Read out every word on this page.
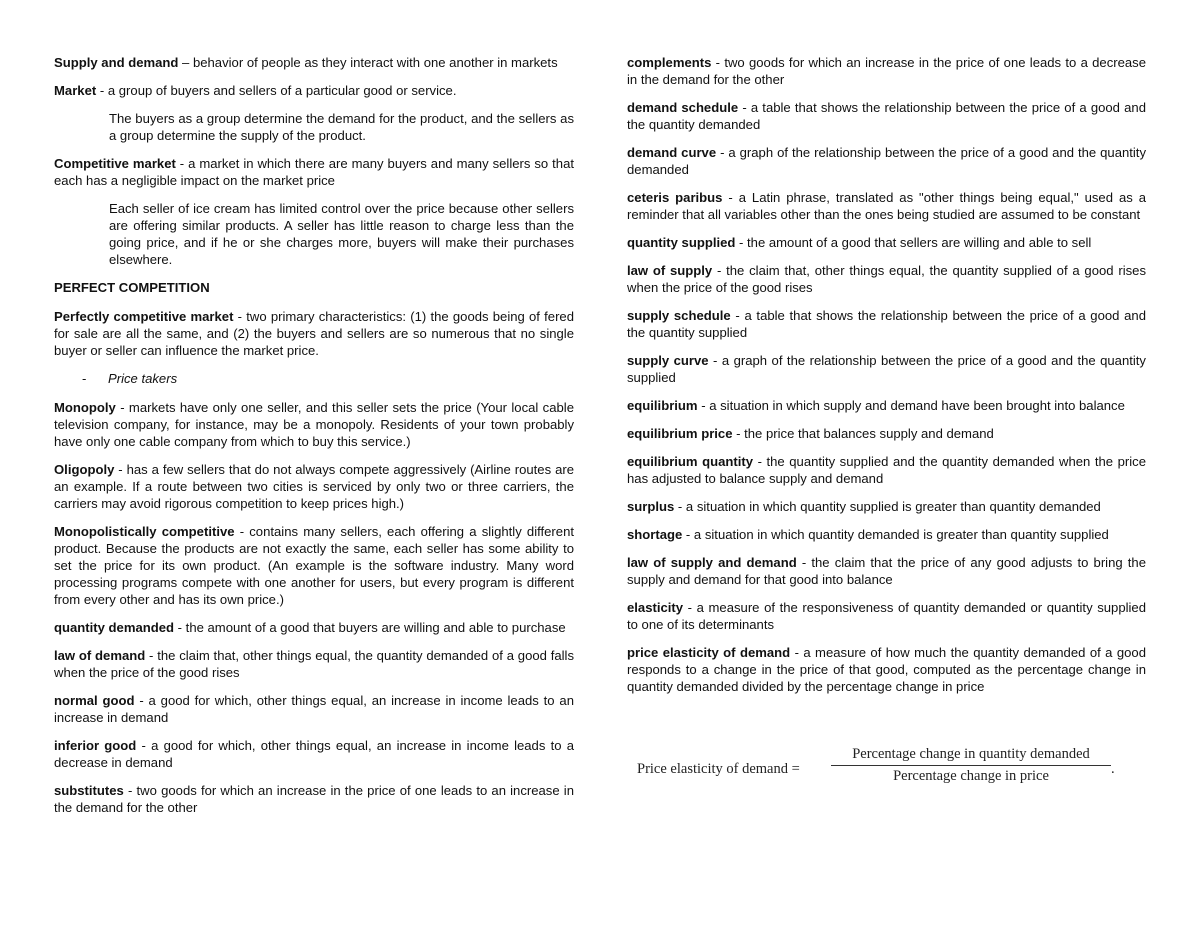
Supply and demand – behavior of people as they interact with one another in markets

Market - a group of buyers and sellers of a particular good or service.

The buyers as a group determine the demand for the product, and the sellers as a group determine the supply of the product.

Competitive market - a market in which there are many buyers and many sellers so that each has a negligible impact on the market price

Each seller of ice cream has limited control over the price because other sellers are offering similar products. A seller has little reason to charge less than the going price, and if he or she charges more, buyers will make their purchases elsewhere.

PERFECT COMPETITION

Perfectly competitive market - two primary characteristics: (1) the goods being of fered for sale are all the same, and (2) the buyers and sellers are so numerous that no single buyer or seller can influence the market price.

- Price takers

Monopoly - markets have only one seller, and this seller sets the price (Your local cable television company, for instance, may be a monopoly. Residents of your town probably have only one cable company from which to buy this service.)

Oligopoly - has a few sellers that do not always compete aggressively (Airline routes are an example. If a route between two cities is serviced by only two or three carriers, the carriers may avoid rigorous competition to keep prices high.)

Monopolistically competitive - contains many sellers, each offering a slightly different product. Because the products are not exactly the same, each seller has some ability to set the price for its own product. (An example is the software industry. Many word processing programs compete with one another for users, but every program is different from every other and has its own price.)

quantity demanded - the amount of a good that buyers are willing and able to purchase

law of demand - the claim that, other things equal, the quantity demanded of a good falls when the price of the good rises

normal good - a good for which, other things equal, an increase in income leads to an increase in demand

inferior good - a good for which, other things equal, an increase in income leads to a decrease in demand

substitutes - two goods for which an increase in the price of one leads to an increase in the demand for the other

complements - two goods for which an increase in the price of one leads to a decrease in the demand for the other

demand schedule - a table that shows the relationship between the price of a good and the quantity demanded

demand curve - a graph of the relationship between the price of a good and the quantity demanded

ceteris paribus - a Latin phrase, translated as "other things being equal," used as a reminder that all variables other than the ones being studied are assumed to be constant

quantity supplied - the amount of a good that sellers are willing and able to sell

law of supply - the claim that, other things equal, the quantity supplied of a good rises when the price of the good rises

supply schedule - a table that shows the relationship between the price of a good and the quantity supplied

supply curve - a graph of the relationship between the price of a good and the quantity supplied

equilibrium - a situation in which supply and demand have been brought into balance

equilibrium price - the price that balances supply and demand

equilibrium quantity - the quantity supplied and the quantity demanded when the price has adjusted to balance supply and demand

surplus - a situation in which quantity supplied is greater than quantity demanded

shortage - a situation in which quantity demanded is greater than quantity supplied

law of supply and demand - the claim that the price of any good adjusts to bring the supply and demand for that good into balance

elasticity - a measure of the responsiveness of quantity demanded or quantity supplied to one of its determinants

price elasticity of demand - a measure of how much the quantity demanded of a good responds to a change in the price of that good, computed as the percentage change in quantity demanded divided by the percentage change in price

Price elasticity of demand =
Percentage change in quantity demanded
Percentage change in price	.
